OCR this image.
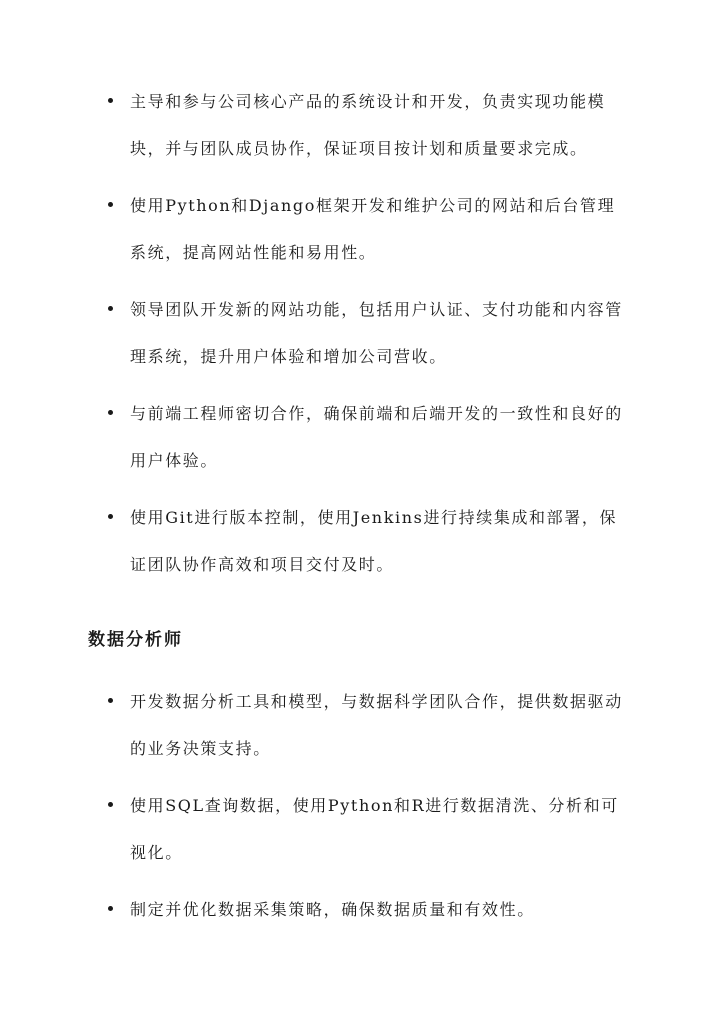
主导和参与公司核心产品的系统设计和开发，负责实现功能模块，并与团队成员协作，保证项目按计划和质量要求完成。
使用Python和Django框架开发和维护公司的网站和后台管理系统，提高网站性能和易用性。
领导团队开发新的网站功能，包括用户认证、支付功能和内容管理系统，提升用户体验和增加公司营收。
与前端工程师密切合作，确保前端和后端开发的一致性和良好的用户体验。
使用Git进行版本控制，使用Jenkins进行持续集成和部署，保证团队协作高效和项目交付及时。
数据分析师
开发数据分析工具和模型，与数据科学团队合作，提供数据驱动的业务决策支持。
使用SQL查询数据，使用Python和R进行数据清洗、分析和可视化。
制定并优化数据采集策略，确保数据质量和有效性。
